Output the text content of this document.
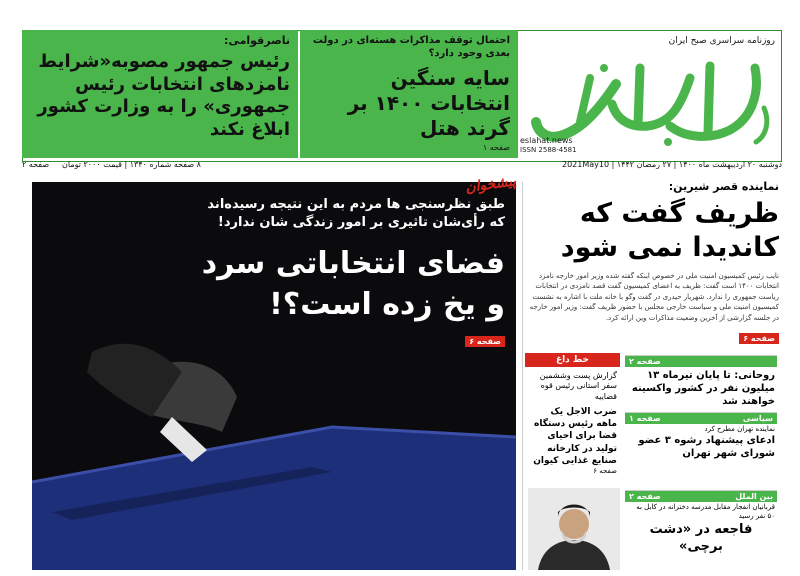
روزنامه سراسری صبح ایران
eslahat.news
ISSN 2588-4581
احتمال توقف مذاکرات هسته‌ای در دولت بعدی وجود دارد؟
سایه سنگین انتخابات ۱۴۰۰ بر گرند هتل
صفحه ۱
ناصرقوامی:
رئیس جمهور مصوبه«شرایط نامزدهای انتخابات رئیس جمهوری» را به وزارت کشور ابلاغ نکند
دوشنبه ۲۰ اردیبهشت ماه ۱۴۰۰ | ۲۷ رمضان ۱۴۴۲ | 2021May10
۸ صفحه شماره ۱۳۴۰ | قیمت ۲۰۰۰ تومان
صفحه ۲
پیشخوان
طبق نظرسنجی ها مردم به این نتیجه رسیده‌اند که رأی‌شان تاثیری بر امور زندگی شان ندارد!
فضای انتخاباتی سرد و یخ زده است؟!
صفحه ۶
نماینده قصر شیرین:
ظریف گفت که کاندیدا نمی شود
نایب رئیس کمیسیون امنیت ملی در خصوص اینکه گفته شده وزیر امور خارجه نامزد انتخابات ۱۴۰۰ است گفت: ظریف به اعضای کمیسیون گفت قصد نامزدی در انتخابات ریاست جمهوری را ندارد. شهریار حیدری در گفت وگو با خانه ملت با اشاره به نشست کمیسیون امنیت ملی و سیاست خارجی مجلس با حضور ظریف گفت: وزیر امور خارجه در جلسه گزارشی از آخرین وضعیت مذاکرات وین ارائه کرد.
صفحه ۶
خط داغ
گزارش پست وششمین سفر استانی رئیس قوه قضاییه
ضرب الاجل یک ماهه رئیس دستگاه قضا برای احیای تولید در کارخانه صنایع غذایی کیوان
صفحه ۶
صفحه ۲
روحانی: تا پایان تیرماه ۱۳ میلیون نفر در کشور واکسینه خواهند شد
سیاسی
صفحه ۱
نماینده تهران مطرح کرد
ادعای پیشنهاد رشوه ۳ عضو شورای شهر تهران
بین الملل
صفحه ۲
قربانیان انفجار مقابل مدرسه دخترانه در کابل به ۵۰ نفر رسید
فاجعه در «دشت برچی»
